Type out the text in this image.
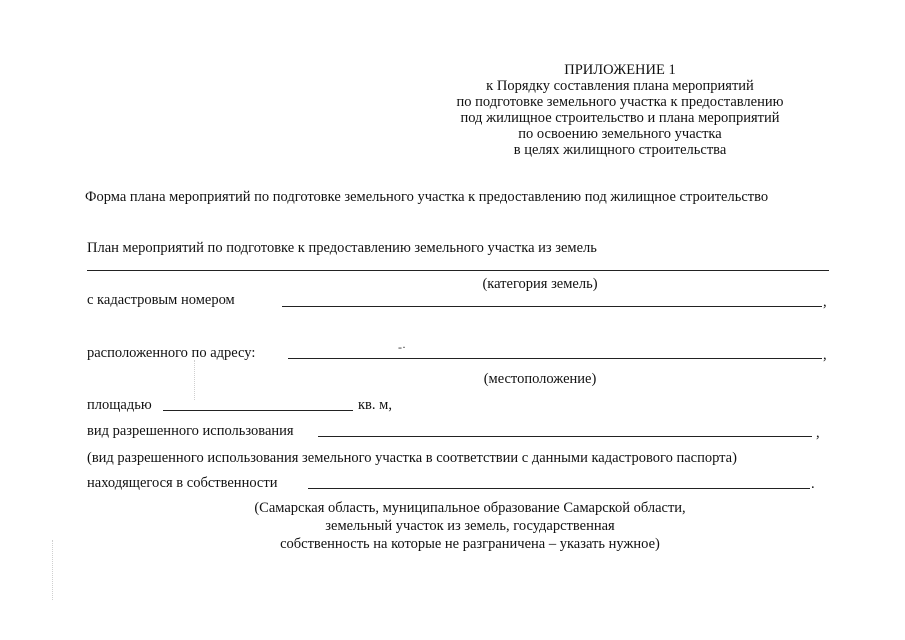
ПРИЛОЖЕНИЕ 1
к Порядку составления плана мероприятий
по подготовке земельного участка к предоставлению
под жилищное строительство и плана мероприятий
по освоению земельного участка
в целях жилищного строительства
Форма плана мероприятий по подготовке земельного участка к предоставлению под жилищное строительство
План мероприятий по подготовке к предоставлению земельного участка из земель
(категория земель)
с кадастровым номером	,
расположенного по адресу:	-·	,
(местоположение)
площадью	кв. м,
вид разрешенного использования	,
(вид разрешенного использования земельного участка в соответствии с данными кадастрового паспорта)
находящегося в собственности	.
(Самарская область, муниципальное образование Самарской области,
земельный участок из земель, государственная
собственность на которые не разграничена – указать нужное)
